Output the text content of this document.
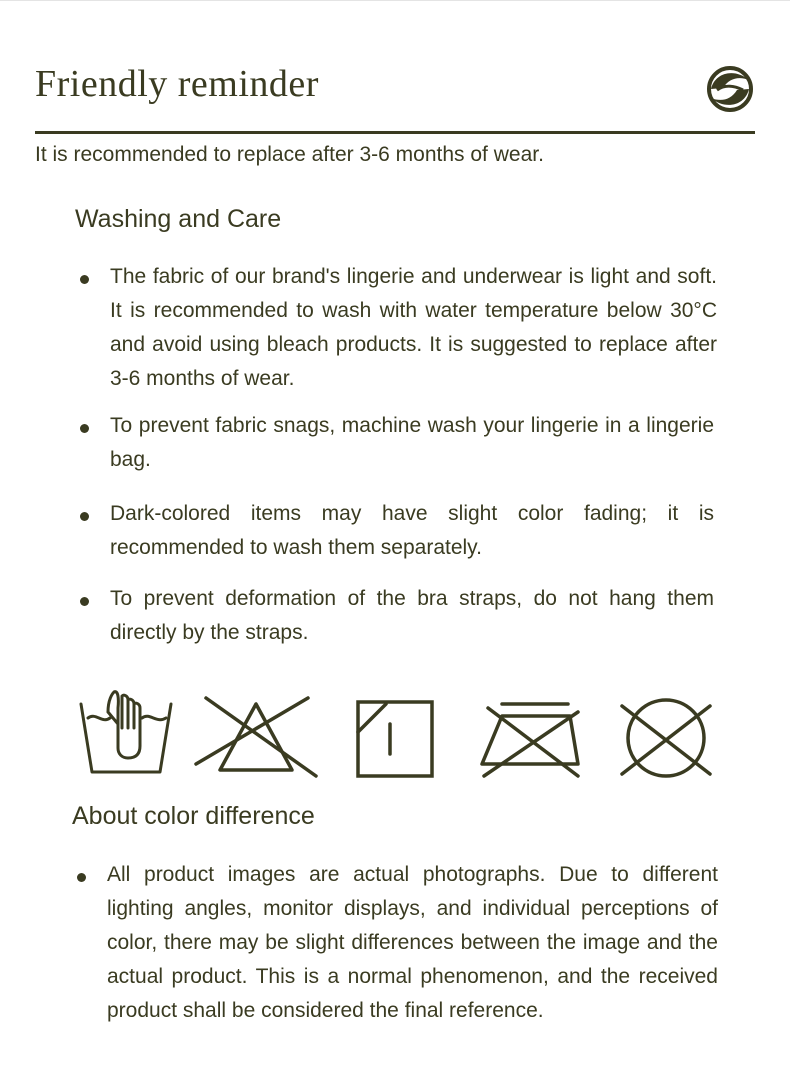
Friendly reminder
It is recommended to replace after 3-6 months of wear.
Washing and Care
The fabric of our brand's lingerie and underwear is light and soft. It is recommended to wash with water temperature below 30°C and avoid using bleach products. It is suggested to replace after 3-6 months of wear.
To prevent fabric snags, machine wash your lingerie in a lingerie bag.
Dark-colored items may have slight color fading; it is recommended to wash them separately.
To prevent deformation of the bra straps, do not hang them directly by the straps.
About color difference
All product images are actual photographs. Due to different lighting angles, monitor displays, and individual perceptions of color, there may be slight differences between the image and the actual product. This is a normal phenomenon, and the received product shall be considered the final reference.
